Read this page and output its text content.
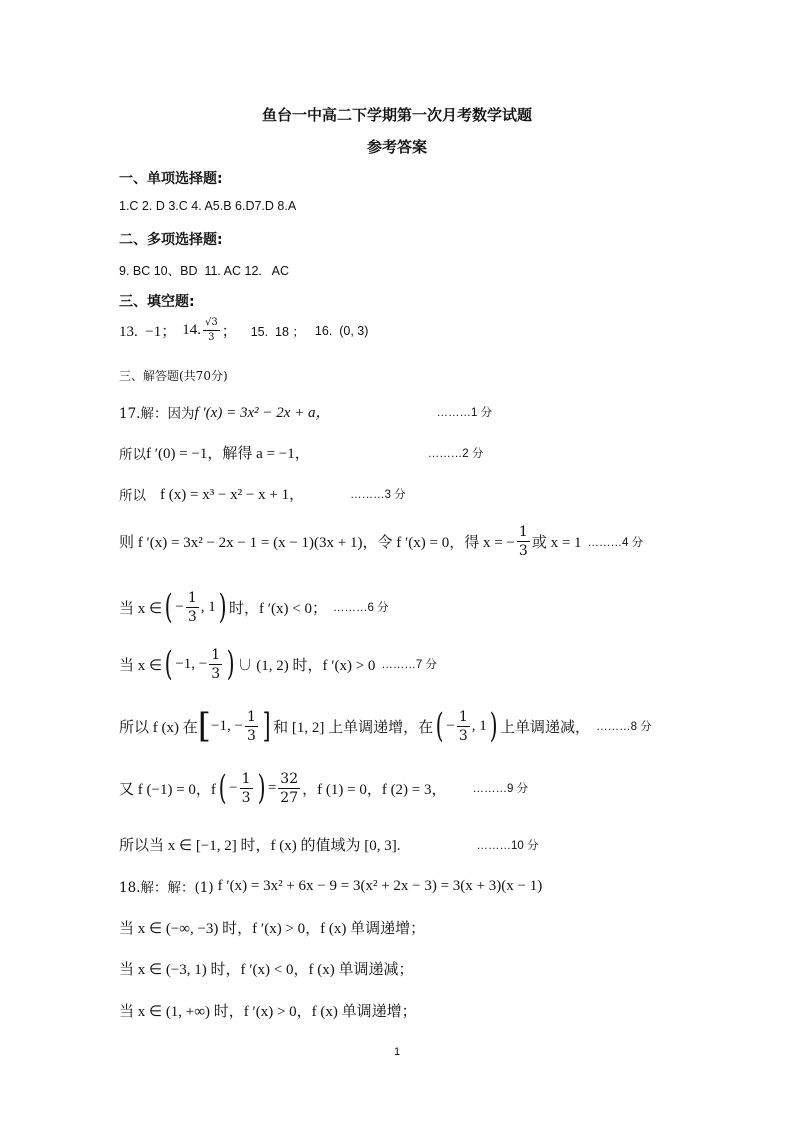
鱼台一中高二下学期第一次月考数学试题
参考答案
一、单项选择题:
1.C 2. D 3.C 4. A5.B 6.D7.D 8.A
二、多项选择题:
9. BC 10、BD  11. AC 12.   AC
三、填空题:
13.  −1； 14. $\frac{√3}{3}$ ； 15.  18 ； 16.  (0, 3)
三、解答题(共70分)
17.解：因为 f ′(x) = 3x² − 2x + a，	………1 分
所以 f ′(0) = −1，解得 a = −1，	………2 分
所以 f (x) = x³ − x² − x + 1，	………3 分
则 f ′(x) = 3x² − 2x − 1 = (x − 1)(3x + 1)，令 f ′(x) = 0，得 x = − $\frac{1}{3}$ 或 x = 1 ………4 分
当 x ∈ ( − $\frac{1}{3}$ , 1 ) 时，f ′(x) < 0； ………6 分
当 x ∈ ( −1, − $\frac{1}{3}$ ) ∪ (1, 2) 时，f ′(x) > 0 ………7 分
所以 f (x) 在 [ −1, − $\frac{1}{3}$ ] 和 [1, 2] 上单调递增，在 ( − $\frac{1}{3}$ , 1 ) 上单调递减， ………8 分
又 f (−1) = 0，f ( − $\frac{1}{3}$ ) = $\frac{32}{27}$ ，f (1) = 0，f (2) = 3， ………9 分
所以当 x ∈ [−1, 2] 时，f (x) 的值域为 [0, 3].	………10 分
18.解：解：(1) f ′(x) = 3x² + 6x − 9 = 3(x² + 2x − 3) = 3(x + 3)(x − 1)
当 x ∈ (−∞, −3) 时，f ′(x) > 0，f (x) 单调递增；
当 x ∈ (−3, 1) 时，f ′(x) < 0，f (x) 单调递减；
当 x ∈ (1, +∞) 时，f ′(x) > 0，f (x) 单调递增；
1
